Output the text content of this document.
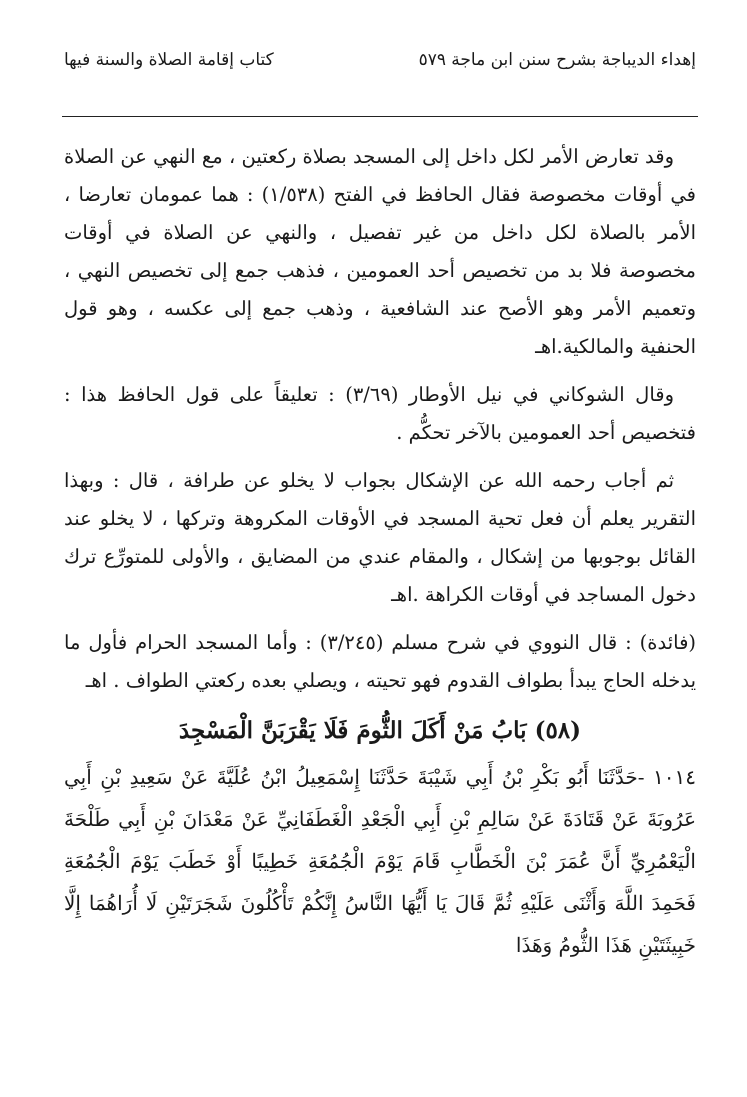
إهداء الديباجة بشرح سنن ابن ماجة
٥٧٩
كتاب إقامة الصلاة والسنة فيها

وقد تعارض الأمر لكل داخل إلى المسجد بصلاة ركعتين ، مع النهي عن الصلاة في أوقات مخصوصة فقال الحافظ في الفتح (١/٥٣٨) : هما عمومان تعارضا ، الأمر بالصلاة لكل داخل من غير تفصيل ، والنهي عن الصلاة في أوقات مخصوصة فلا بد من تخصيص أحد العمومين ، فذهب جمع إلى تخصيص النهي ، وتعميم الأمر وهو الأصح عند الشافعية ، وذهب جمع إلى عكسه ، وهو قول الحنفية والمالكية.اهـ

وقال الشوكاني في نيل الأوطار (٣/٦٩) : تعليقاً على قول الحافظ هذا : فتخصيص أحد العمومين بالآخر تحكُّم .

ثم أجاب رحمه الله عن الإشكال بجواب لا يخلو عن طرافة ، قال : وبهذا التقرير يعلم أن فعل تحية المسجد في الأوقات المكروهة وتركها ، لا يخلو عند القائل بوجوبها من إشكال ، والمقام عندي من المضايق ، والأولى للمتورِّع ترك دخول المساجد في أوقات الكراهة .اهـ

(فائدة) : قال النووي في شرح مسلم (٣/٢٤٥) : وأما المسجد الحرام فأول ما يدخله الحاج يبدأ بطواف القدوم فهو تحيته ، ويصلي بعده ركعتي الطواف . اهـ

(٥٨) بَابُ مَنْ أَكَلَ الثُّومَ فَلَا يَقْرَبَنَّ الْمَسْجِدَ

١٠١٤ -حَدَّثَنَا أَبُو بَكْرِ بْنُ أَبِي شَيْبَةَ حَدَّثَنَا إِسْمَعِيلُ ابْنُ عُلَيَّةَ عَنْ سَعِيدِ بْنِ أَبِي عَرُوبَةَ عَنْ قَتَادَةَ عَنْ سَالِمِ بْنِ أَبِي الْجَعْدِ الْغَطَفَانِيِّ عَنْ مَعْدَانَ بْنِ أَبِي طَلْحَةَ الْيَعْمُرِيِّ أَنَّ عُمَرَ بْنَ الْخَطَّابِ قَامَ يَوْمَ الْجُمُعَةِ خَطِيبًا أَوْ خَطَبَ يَوْمَ الْجُمُعَةِ فَحَمِدَ اللَّهَ وَأَثْنَى عَلَيْهِ ثُمَّ قَالَ يَا أَيُّهَا النَّاسُ إِنَّكُمْ تَأْكُلُونَ شَجَرَتَيْنِ لَا أُرَاهُمَا إِلَّا خَبِيثَتَيْنِ هَذَا الثُّومُ وَهَذَا
